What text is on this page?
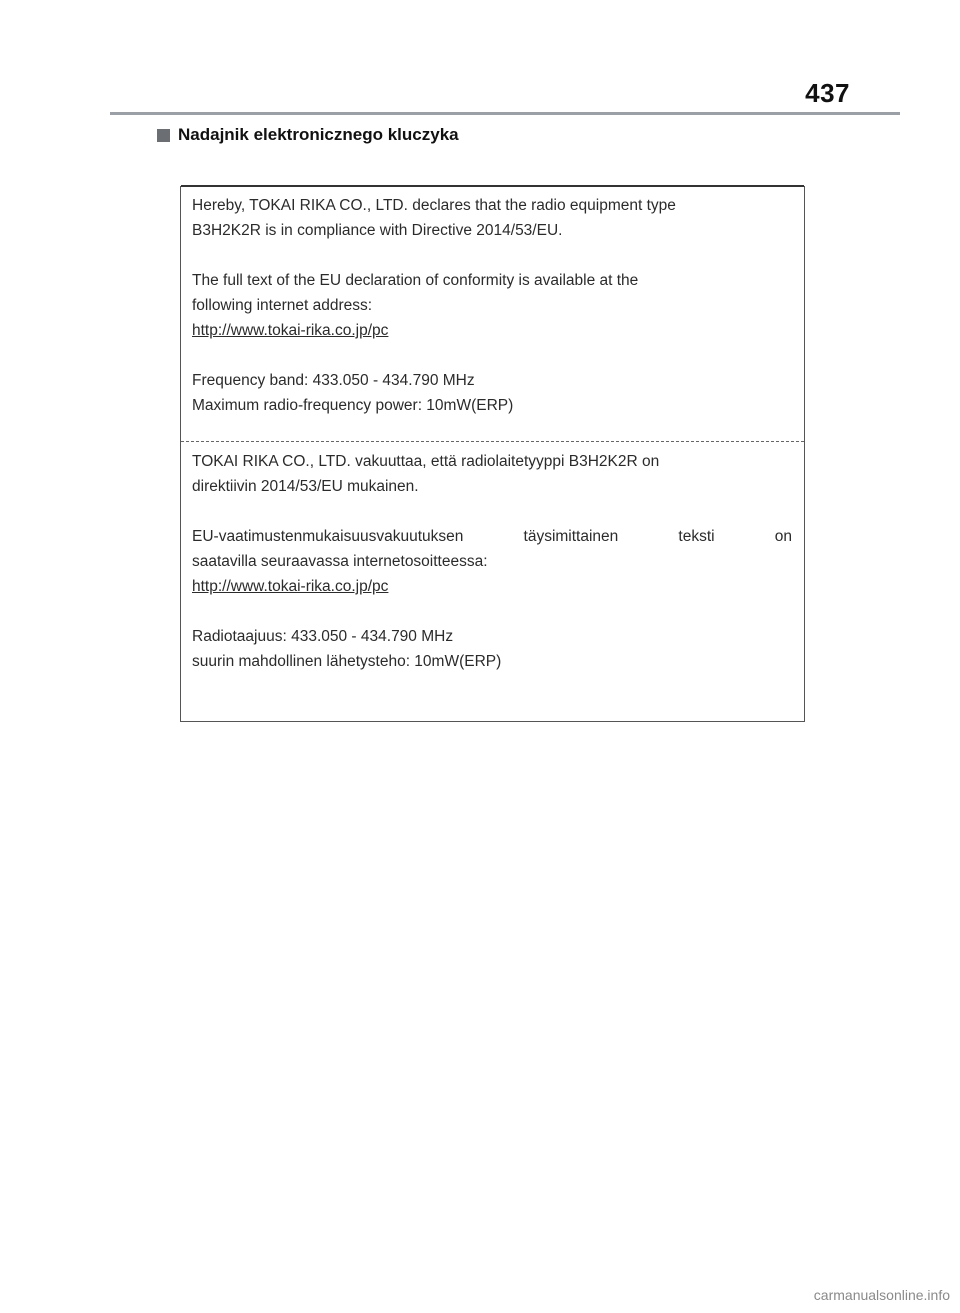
437
Nadajnik elektronicznego kluczyka

Hereby, TOKAI RIKA CO., LTD. declares that the radio equipment type

B3H2K2R is in compliance with Directive 2014/53/EU.

The full text of the EU declaration of conformity is available at the

following internet address:

http://www.tokai-rika.co.jp/pc

Frequency band: 433.050 - 434.790 MHz

Maximum radio-frequency power: 10mW(ERP)

TOKAI RIKA CO., LTD. vakuuttaa, että radiolaitetyyppi B3H2K2R on

direktiivin 2014/53/EU mukainen.

EU-vaatimustenmukaisuusvakuutuksen	täysimittainen	teksti	on

saatavilla seuraavassa internetosoitteessa:

http://www.tokai-rika.co.jp/pc

Radiotaajuus: 433.050 - 434.790 MHz

suurin mahdollinen lähetysteho: 10mW(ERP)

carmanualsonline.info
